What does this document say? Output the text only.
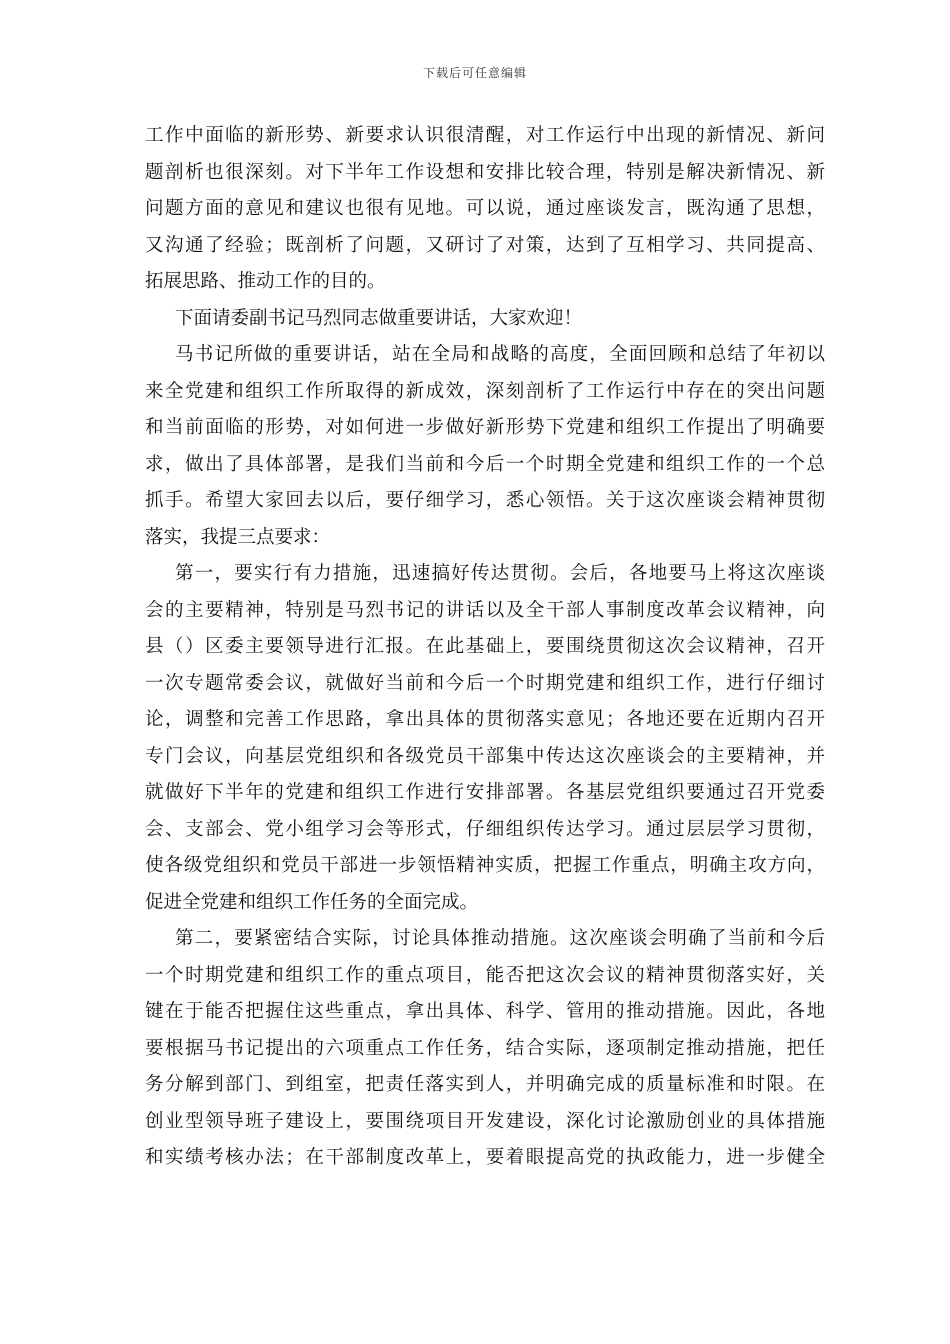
下载后可任意编辑
工作中面临的新形势、新要求认识很清醒，对工作运行中出现的新情况、新问
题剖析也很深刻。对下半年工作设想和安排比较合理，特别是解决新情况、新
问题方面的意见和建议也很有见地。可以说，通过座谈发言，既沟通了思想，
又沟通了经验；既剖析了问题，又研讨了对策，达到了互相学习、共同提高、
拓展思路、推动工作的目的。
下面请委副书记马烈同志做重要讲话，大家欢迎！
马书记所做的重要讲话，站在全局和战略的高度，全面回顾和总结了年初以
来全党建和组织工作所取得的新成效，深刻剖析了工作运行中存在的突出问题
和当前面临的形势，对如何进一步做好新形势下党建和组织工作提出了明确要
求，做出了具体部署，是我们当前和今后一个时期全党建和组织工作的一个总
抓手。希望大家回去以后，要仔细学习，悉心领悟。关于这次座谈会精神贯彻
落实，我提三点要求：
第一，要实行有力措施，迅速搞好传达贯彻。会后，各地要马上将这次座谈
会的主要精神，特别是马烈书记的讲话以及全干部人事制度改革会议精神，向
县（）区委主要领导进行汇报。在此基础上，要围绕贯彻这次会议精神，召开
一次专题常委会议，就做好当前和今后一个时期党建和组织工作，进行仔细讨
论，调整和完善工作思路，拿出具体的贯彻落实意见；各地还要在近期内召开
专门会议，向基层党组织和各级党员干部集中传达这次座谈会的主要精神，并
就做好下半年的党建和组织工作进行安排部署。各基层党组织要通过召开党委
会、支部会、党小组学习会等形式，仔细组织传达学习。通过层层学习贯彻，
使各级党组织和党员干部进一步领悟精神实质，把握工作重点，明确主攻方向，
促进全党建和组织工作任务的全面完成。
第二，要紧密结合实际，讨论具体推动措施。这次座谈会明确了当前和今后
一个时期党建和组织工作的重点项目，能否把这次会议的精神贯彻落实好，关
键在于能否把握住这些重点，拿出具体、科学、管用的推动措施。因此，各地
要根据马书记提出的六项重点工作任务，结合实际，逐项制定推动措施，把任
务分解到部门、到组室，把责任落实到人，并明确完成的质量标准和时限。在
创业型领导班子建设上，要围绕项目开发建设，深化讨论激励创业的具体措施
和实绩考核办法；在干部制度改革上，要着眼提高党的执政能力，进一步健全
